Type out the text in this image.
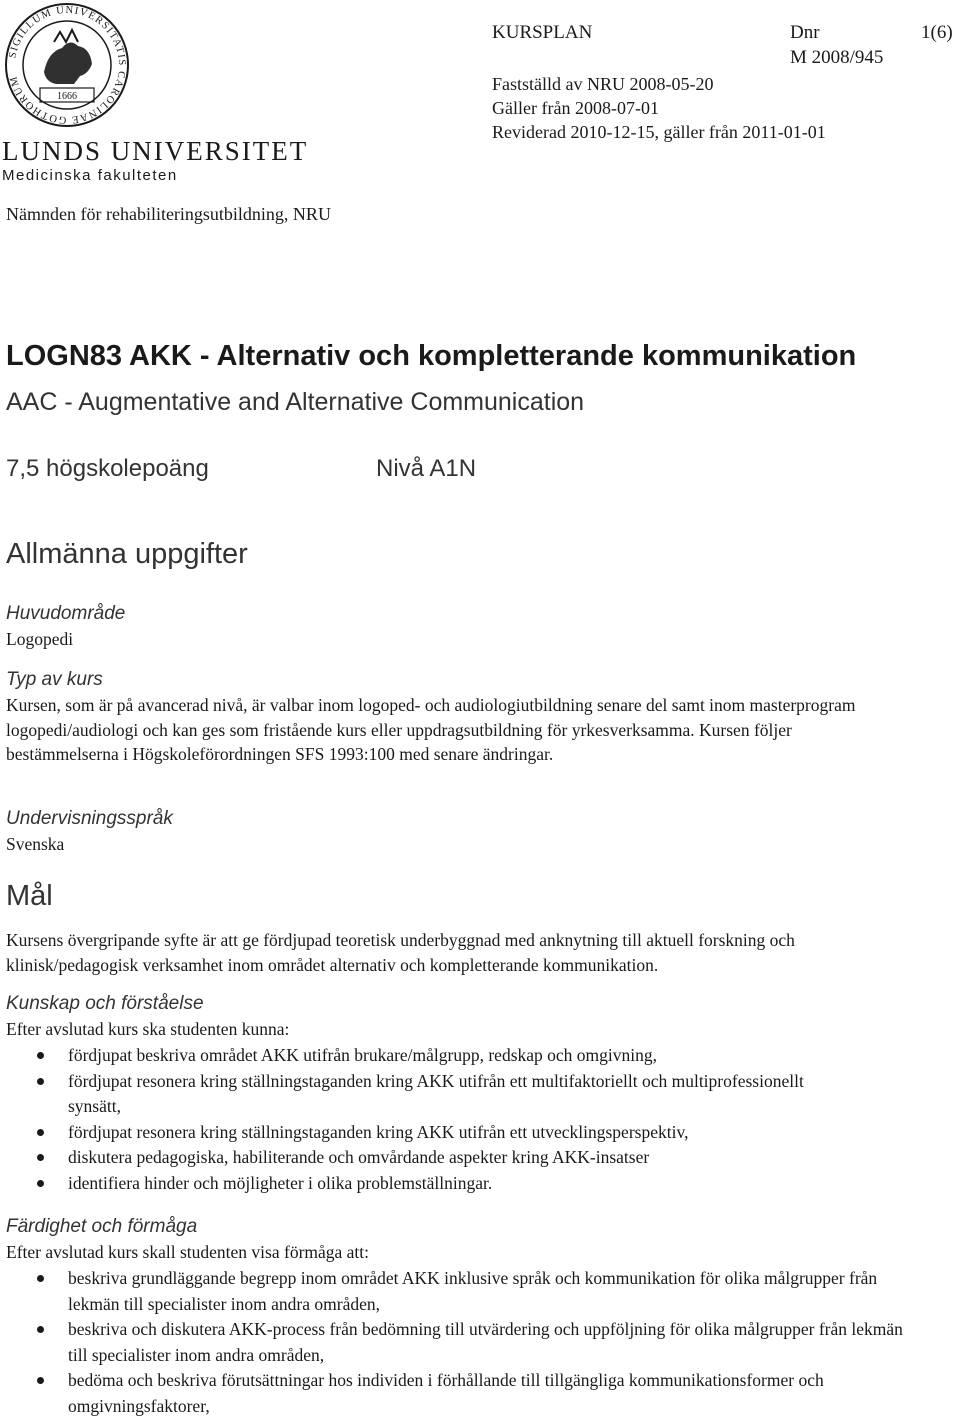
SIGILLUM UNIVERSITATIS CAROLINAE GOTHORUM
1666
LUNDS UNIVERSITET
Medicinska fakulteten
KURSPLAN	Dnr	1(6)
M 2008/945
Fastställd av NRU 2008-05-20
Gäller från 2008-07-01
Reviderad 2010-12-15, gäller från 2011-01-01
Nämnden för rehabiliteringsutbildning, NRU
LOGN83 AKK - Alternativ och kompletterande kommunikation
AAC - Augmentative and Alternative Communication
7,5 högskolepoäng	Nivå A1N
Allmänna uppgifter
Huvudområde
Logopedi
Typ av kurs
Kursen, som är på avancerad nivå, är valbar inom logoped- och audiologiutbildning senare del samt inom masterprogram logopedi/audiologi och kan ges som fristående kurs eller uppdragsutbildning för yrkesverksamma. Kursen följer bestämmelserna i Högskoleförordningen SFS 1993:100 med senare ändringar.
Undervisningsspråk
Svenska
Mål
Kursens övergripande syfte är att ge fördjupad teoretisk underbyggnad med anknytning till aktuell forskning och klinisk/pedagogisk verksamhet inom området alternativ och kompletterande kommunikation.
Kunskap och förståelse
Efter avslutad kurs ska studenten kunna:
fördjupat beskriva området AKK utifrån brukare/målgrupp, redskap och omgivning,
fördjupat resonera kring ställningstaganden kring AKK utifrån ett multifaktoriellt och multiprofessionellt synsätt,
fördjupat resonera kring ställningstaganden kring AKK utifrån ett utvecklingsperspektiv,
diskutera pedagogiska, habiliterande och omvårdande aspekter kring AKK-insatser
identifiera hinder och möjligheter i olika problemställningar.
Färdighet och förmåga
Efter avslutad kurs skall studenten visa förmåga att:
beskriva grundläggande begrepp inom området AKK inklusive språk och kommunikation för olika målgrupper från lekmän till specialister inom andra områden,
beskriva och diskutera AKK-process från bedömning till utvärdering och uppföljning för olika målgrupper från lekmän till specialister inom andra områden,
bedöma och beskriva förutsättningar hos individen i förhållande till tillgängliga kommunikationsformer och omgivningsfaktorer,
